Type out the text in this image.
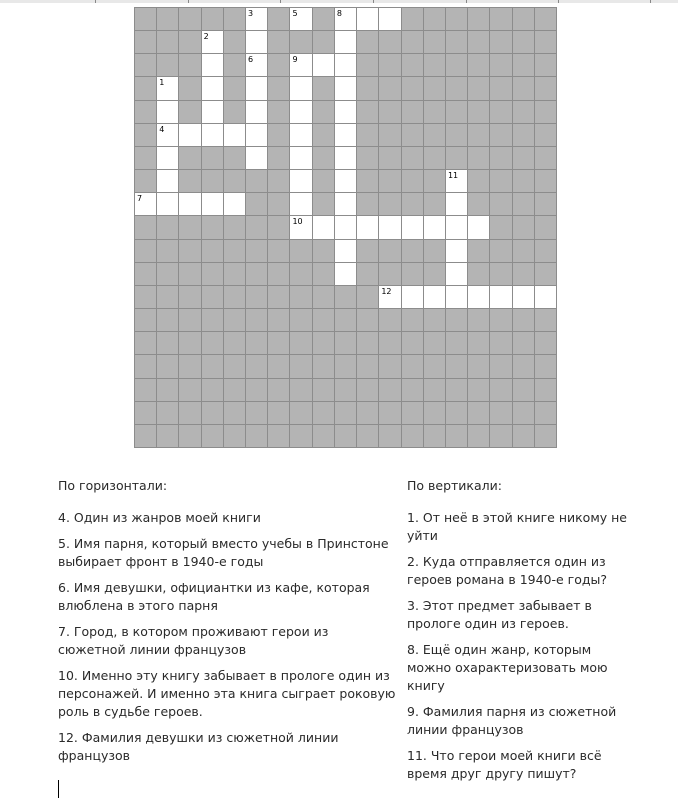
3	5	8
2
6	9
1
4
11
7
10
12
По горизонтали:
4. Один из жанров моей книги
5. Имя парня, который вместо учебы в Принстоне выбирает фронт в 1940-е годы
6. Имя девушки, официантки из кафе, которая влюблена в этого парня
7. Город, в котором проживают герои из сюжетной линии французов
10. Именно эту книгу забывает в прологе один из персонажей. И именно эта книга сыграет роковую роль в судьбе героев.
12. Фамилия девушки из сюжетной линии французов
По вертикали:
1. От неё в этой книге никому не уйти
2. Куда отправляется один из героев романа в 1940-е годы?
3. Этот предмет забывает в прологе один из героев.
8. Ещё один жанр, которым можно охарактеризовать мою книгу
9. Фамилия парня из сюжетной линии французов
11. Что герои моей книги всё время друг другу пишут?
